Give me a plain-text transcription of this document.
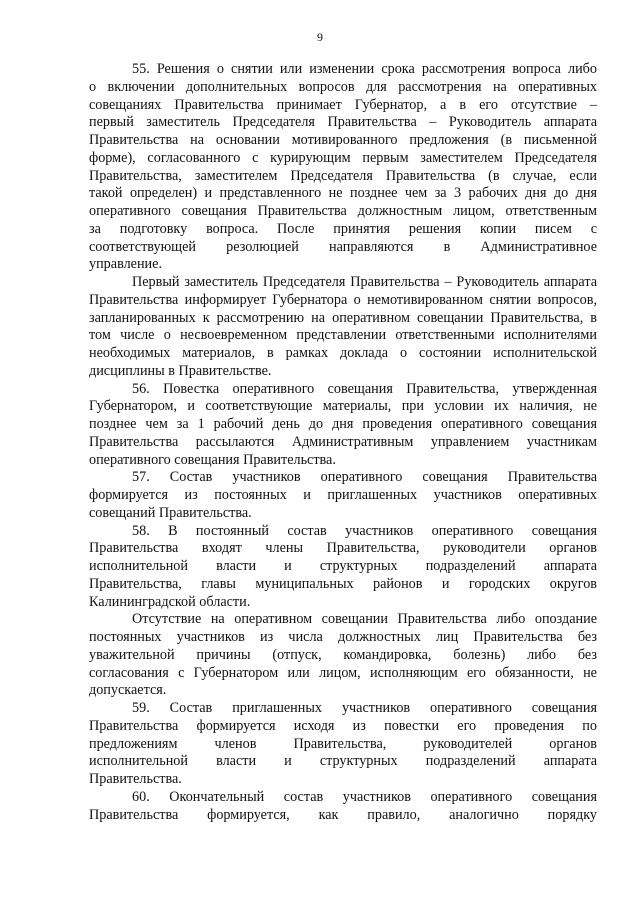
9
55. Решения о снятии или изменении срока рассмотрения вопроса либо
о включении дополнительных вопросов для рассмотрения на оперативных
совещаниях Правительства принимает Губернатор, а в его отсутствие –
первый заместитель Председателя Правительства – Руководитель аппарата
Правительства на основании мотивированного предложения (в письменной
форме), согласованного с курирующим первым заместителем Председателя
Правительства, заместителем Председателя Правительства (в случае, если
такой определен) и представленного не позднее чем за 3 рабочих дня до дня
оперативного совещания Правительства должностным лицом, ответственным
за подготовку вопроса. После принятия решения копии писем с
соответствующей резолюцией направляются в Административное
управление.
Первый заместитель Председателя Правительства – Руководитель аппарата
Правительства информирует Губернатора о немотивированном снятии вопросов,
запланированных к рассмотрению на оперативном совещании Правительства, в
том числе о несвоевременном представлении ответственными исполнителями
необходимых материалов, в рамках доклада о состоянии исполнительской
дисциплины в Правительстве.
56. Повестка оперативного совещания Правительства, утвержденная
Губернатором, и соответствующие материалы, при условии их наличия, не
позднее чем за 1 рабочий день до дня проведения оперативного совещания
Правительства рассылаются Административным управлением участникам
оперативного совещания Правительства.
57. Состав участников оперативного совещания Правительства
формируется из постоянных и приглашенных участников оперативных
совещаний Правительства.
58. В постоянный состав участников оперативного совещания
Правительства входят члены Правительства, руководители органов
исполнительной власти и структурных подразделений аппарата
Правительства, главы муниципальных районов и городских округов
Калининградской области.
Отсутствие на оперативном совещании Правительства либо опоздание
постоянных участников из числа должностных лиц Правительства без
уважительной причины (отпуск, командировка, болезнь) либо без
согласования с Губернатором или лицом, исполняющим его обязанности, не
допускается.
59. Состав приглашенных участников оперативного совещания
Правительства формируется исходя из повестки его проведения по
предложениям членов Правительства, руководителей органов
исполнительной власти и структурных подразделений аппарата
Правительства.
60. Окончательный состав участников оперативного совещания
Правительства формируется, как правило, аналогично порядку
